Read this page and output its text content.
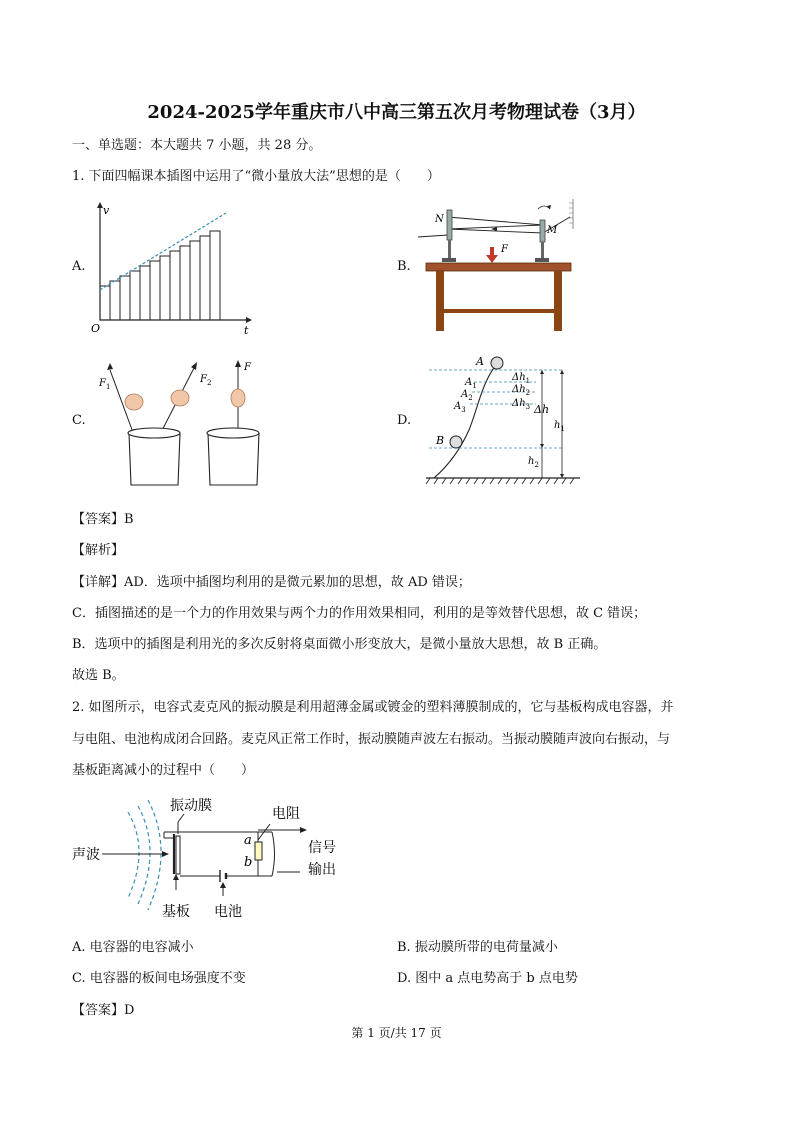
2024-2025学年重庆市八中高三第五次月考物理试卷（3月）
一、单选题：本大题共 7 小题，共 28 分。
1. 下面四幅课本插图中运用了“微小量放大法”思想的是（　　）
A.
v
O	t
B.
N
M
F
C.
$F_1$
$F_2$
F
D.
A
$A_1$
$A_2$
$A_3$
B
$\Delta h_1$
$\Delta h_2$
$\Delta h_3$ Δh
$h_1$
$h_2$
【答案】B
【解析】
【详解】AD．选项中插图均利用的是微元累加的思想，故 AD 错误；
C．插图描述的是一个力的作用效果与两个力的作用效果相同，利用的是等效替代思想，故 C 错误；
B．选项中的插图是利用光的多次反射将桌面微小形变放大，是微小量放大思想，故 B 正确。
故选 B。
2. 如图所示，电容式麦克风的振动膜是利用超薄金属或镀金的塑料薄膜制成的，它与基板构成电容器，并
与电阻、电池构成闭合回路。麦克风正常工作时，振动膜随声波左右振动。当振动膜随声波向右振动，与
基板距离减小的过程中（　　）
振动膜	电阻
声波	信号
输出
基板 电池
a
b
A. 电容器的电容减小	B. 振动膜所带的电荷量减小
C. 电容器的板间电场强度不变	D. 图中 a 点电势高于 b 点电势
【答案】D
第 1 页/共 17 页
